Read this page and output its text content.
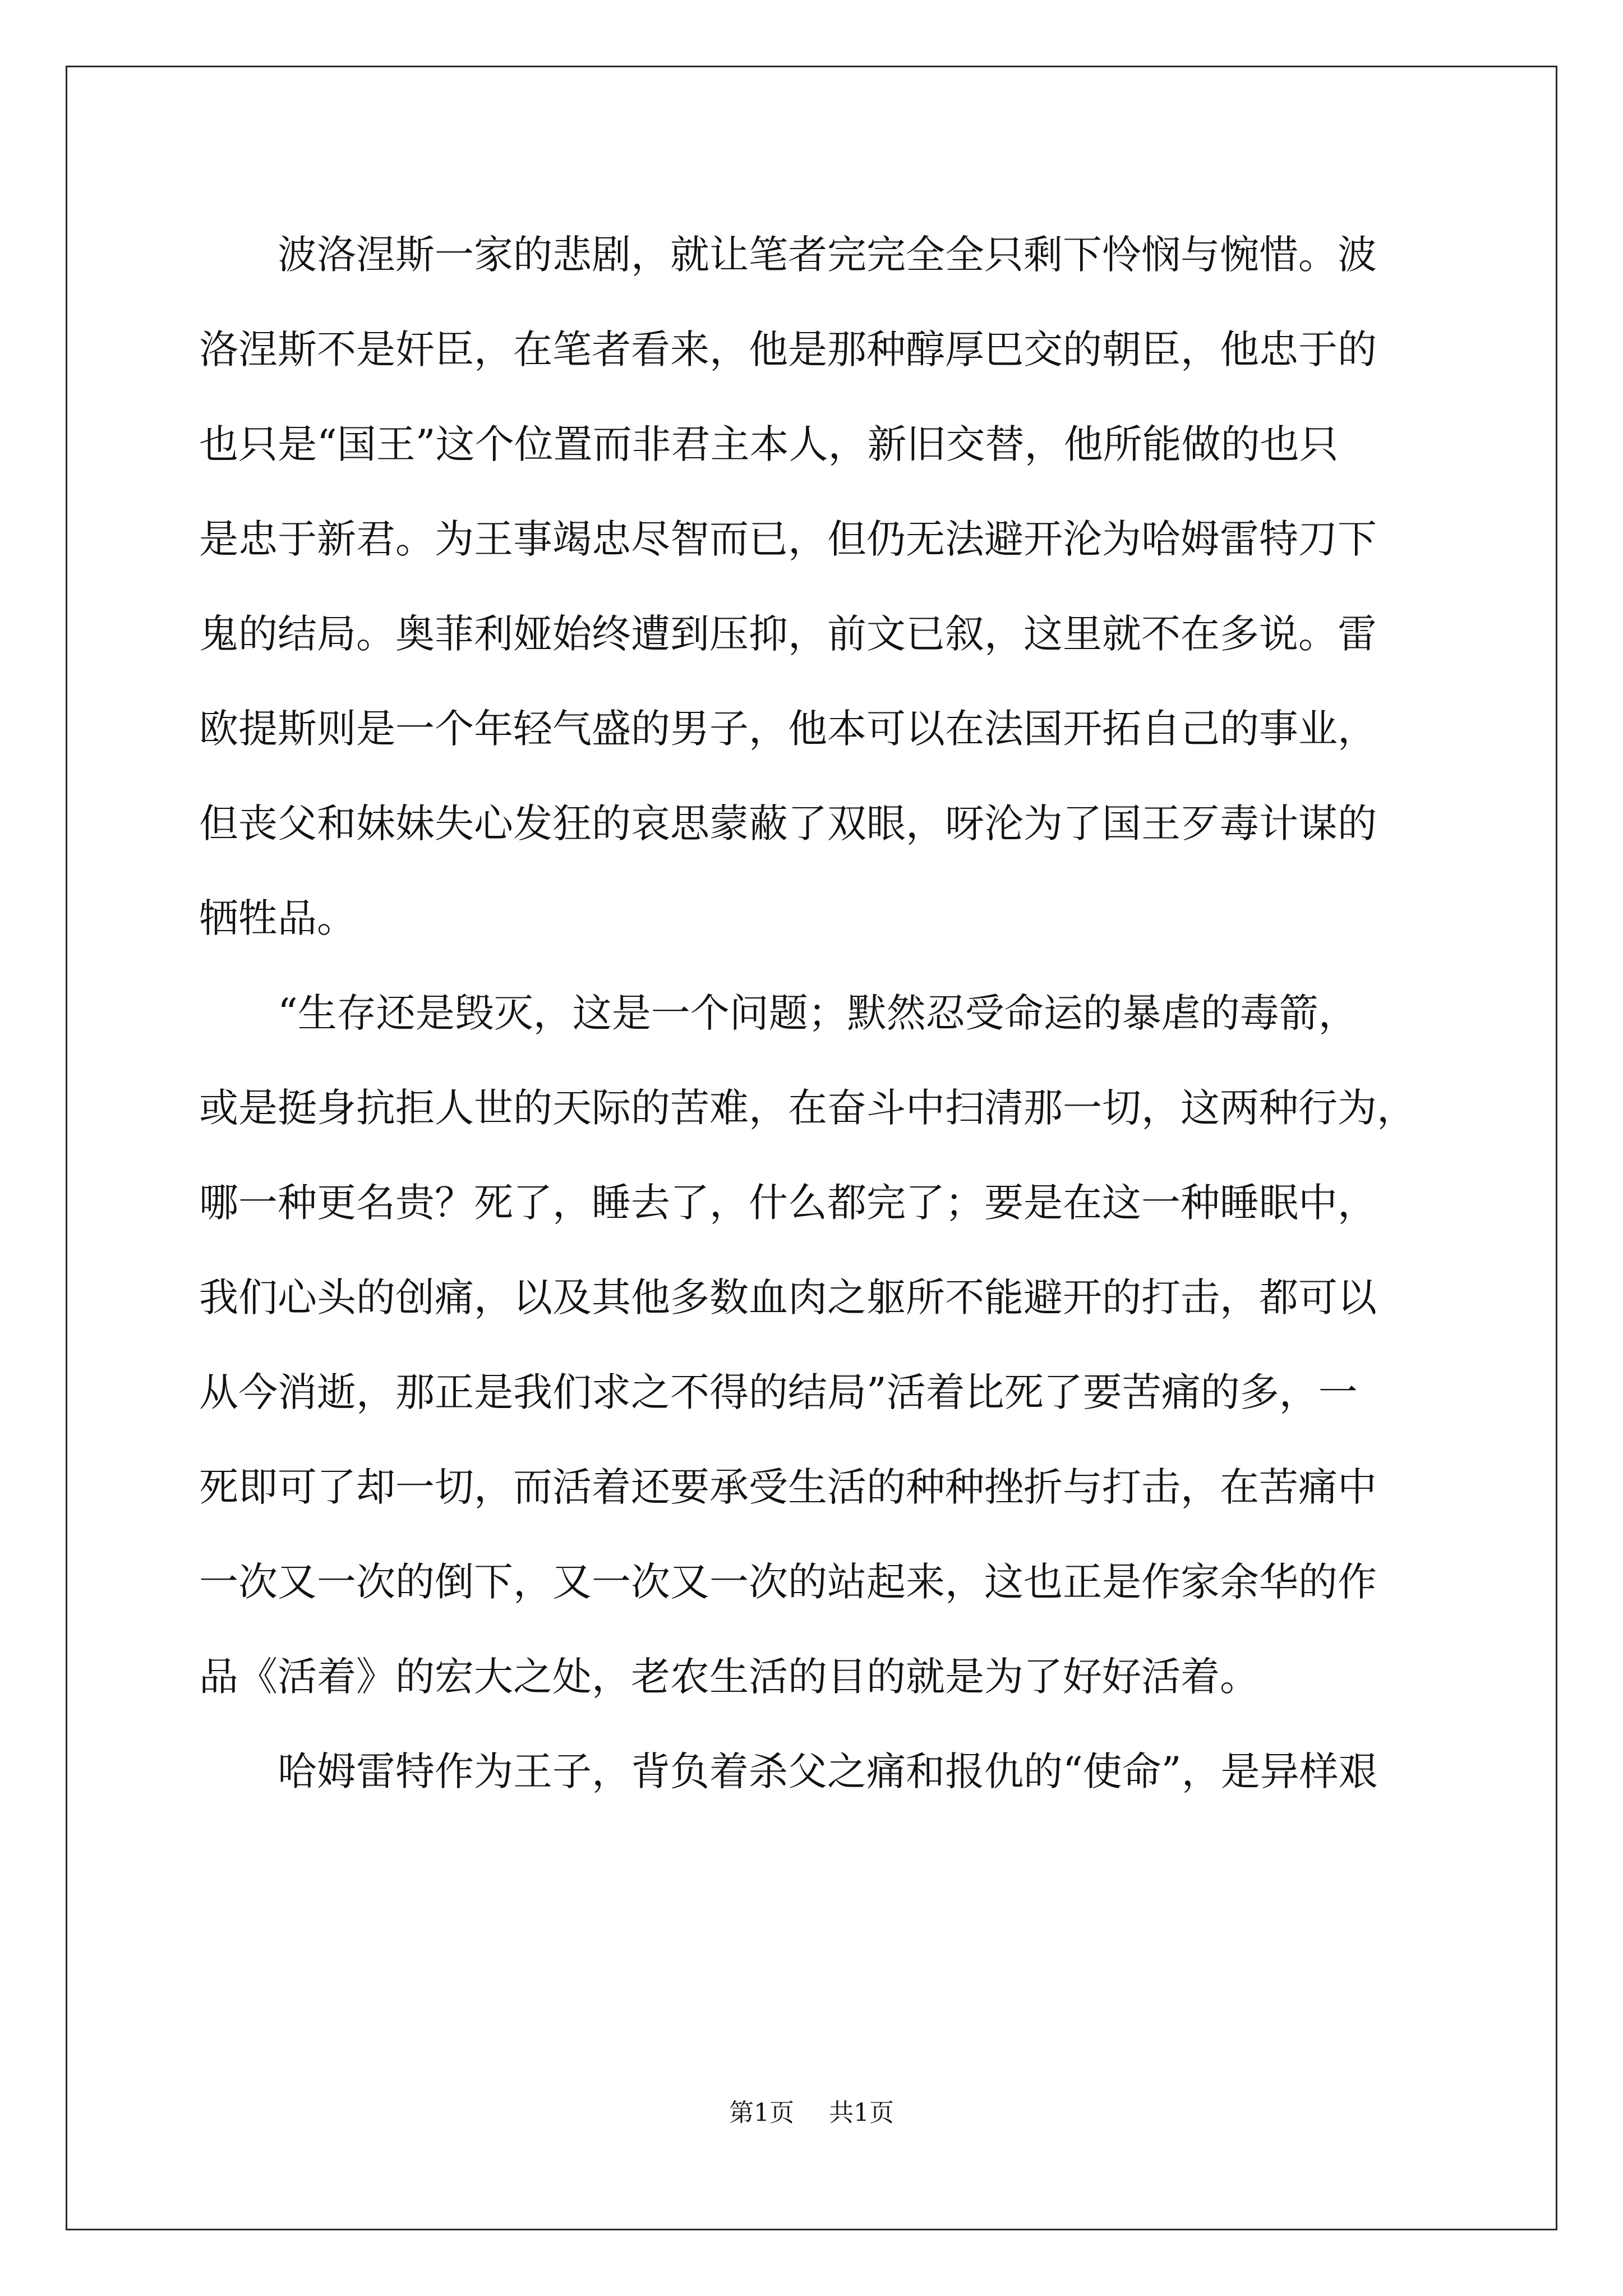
　　波洛涅斯一家的悲剧，就让笔者完完全全只剩下怜悯与惋惜。波
洛涅斯不是奸臣，在笔者看来，他是那种醇厚巴交的朝臣，他忠于的
也只是“国王”这个位置而非君主本人，新旧交替，他所能做的也只
是忠于新君。为王事竭忠尽智而已，但仍无法避开沦为哈姆雷特刀下
鬼的结局。奥菲利娅始终遭到压抑，前文已叙，这里就不在多说。雷
欧提斯则是一个年轻气盛的男子，他本可以在法国开拓自己的事业，
但丧父和妹妹失心发狂的哀思蒙蔽了双眼，呀沦为了国王歹毒计谋的
牺牲品。
　　“生存还是毁灭，这是一个问题；默然忍受命运的暴虐的毒箭，
或是挺身抗拒人世的天际的苦难，在奋斗中扫清那一切，这两种行为，
哪一种更名贵？死了，睡去了，什么都完了；要是在这一种睡眠中，
我们心头的创痛，以及其他多数血肉之躯所不能避开的打击，都可以
从今消逝，那正是我们求之不得的结局”活着比死了要苦痛的多，一
死即可了却一切，而活着还要承受生活的种种挫折与打击，在苦痛中
一次又一次的倒下，又一次又一次的站起来，这也正是作家余华的作
品《活着》的宏大之处，老农生活的目的就是为了好好活着。
　　哈姆雷特作为王子，背负着杀父之痛和报仇的“使命”，是异样艰
第1页 共1页
